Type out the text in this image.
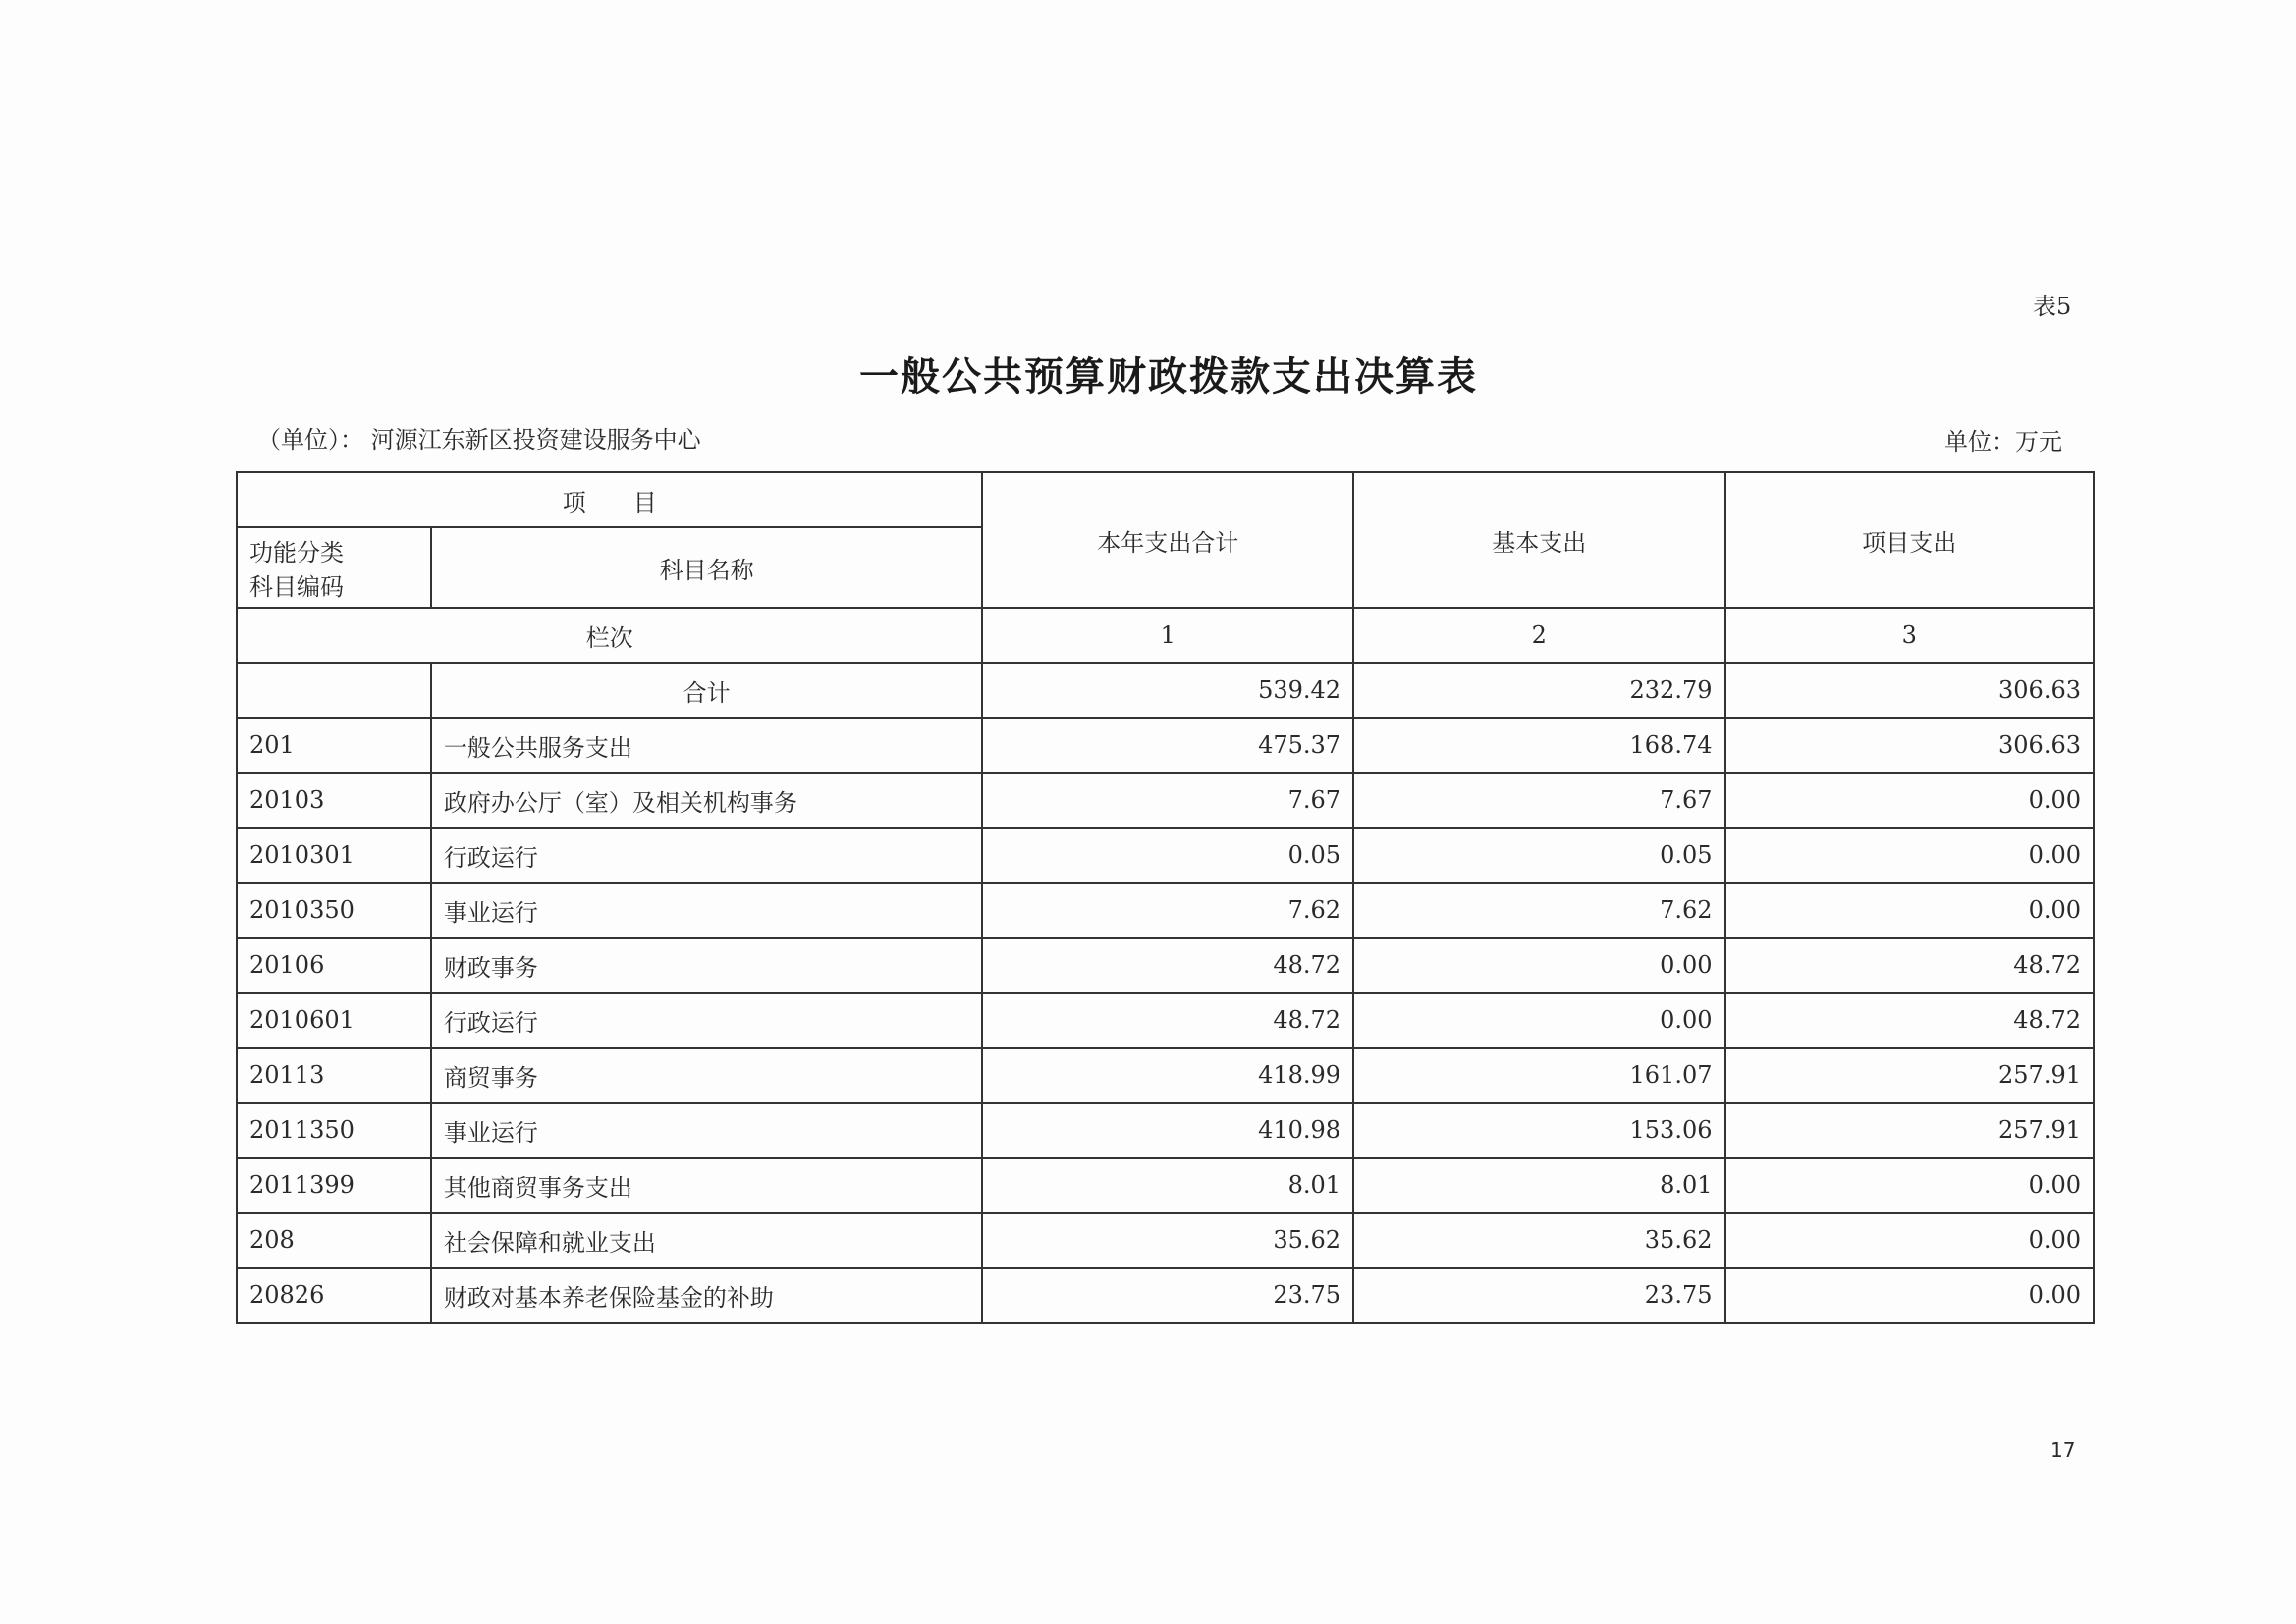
表5
一般公共预算财政拨款支出决算表
（单位）： 河源江东新区投资建设服务中心	单位：万元
项　　目		本年支出合计	基本支出	项目支出

功能分类
科目编码	科目名称			
栏次		1	2	3
	合计	539.42	232.79	306.63
201	一般公共服务支出	475.37	168.74	306.63
20103	政府办公厅（室）及相关机构事务	7.67	7.67	0.00
2010301	行政运行	0.05	0.05	0.00
2010350	事业运行	7.62	7.62	0.00
20106	财政事务	48.72	0.00	48.72
2010601	行政运行	48.72	0.00	48.72
20113	商贸事务	418.99	161.07	257.91
2011350	事业运行	410.98	153.06	257.91
2011399	其他商贸事务支出	8.01	8.01	0.00
208	社会保障和就业支出	35.62	35.62	0.00
20826	财政对基本养老保险基金的补助	23.75	23.75	0.00
17
